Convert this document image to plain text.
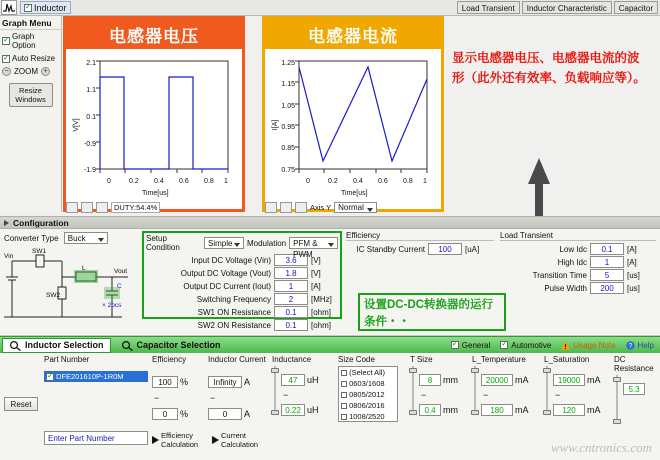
✓
Inductor	Load Transient	Inductor Characteristic	Capacitor
Graph Menu
✓
Graph Option
✓
Auto Resize
− ZOOM +
Resize Windows
电感器电压
2.1
1.1
0.1
-0.9
-1.9
0	0.2 0.4 0.6 0.8 1
Time[us]
V[V]
电感器电流
1.25
1.15
1.05
0.95
0.85
0.75
0	0.2 0.4 0.6 0.8 1
Time[us]
I[A]
DUTY:54.4%	Axis Y Normal
显示电感器电压、电感器电流的波形（此外还有效率、负载响应等）。
Configuration
Converter Type Buck
Vin
SW1
SW2
L
C
Vout
× 2pcs
Setup Condition	Simple	Modulation PFM & PWM
Input DC Voltage (Vin)	3.6	[V]
Output DC Voltage (Vout)	1.8	[V]
Output DC Current (Iout)	1	[A]
Switching Frequency	2	[MHz]
SW1 ON Resistance	0.1	[ohm]
SW2 ON Resistance	0.1	[ohm]
Efficiency
IC Standby Current	100	[uA]
Load Transient
Low Idc	0.1	[A]
High Idc	1	[A]
Transition Time	5	[us]
Pulse Width	200	[us]
设置DC-DC转换器的运行条件・・
Inductor Selection	Capacitor Selection ✓	General ✓	Automotive	Usage Note ? Help
Part Number
✓
DFE201610P-1R0M
Reset
Enter Part Number
Efficiency
100 %
−
0	%
Inductor Current
Infinity A
−
0	A
Inductance
47	uH
−
0.22 uH
Size Code
(Select All)
0603/1608
0805/2012
0806/2016
1008/2520
T Size
8	mm
−
0.4 mm
L_Temperature
20000 mA
−
180	mA
L_Saturation
19000 mA
−
120	mA
DC Resistance
5.3
Efficiency Calculation
Current Calculation	www.cntronics.com
